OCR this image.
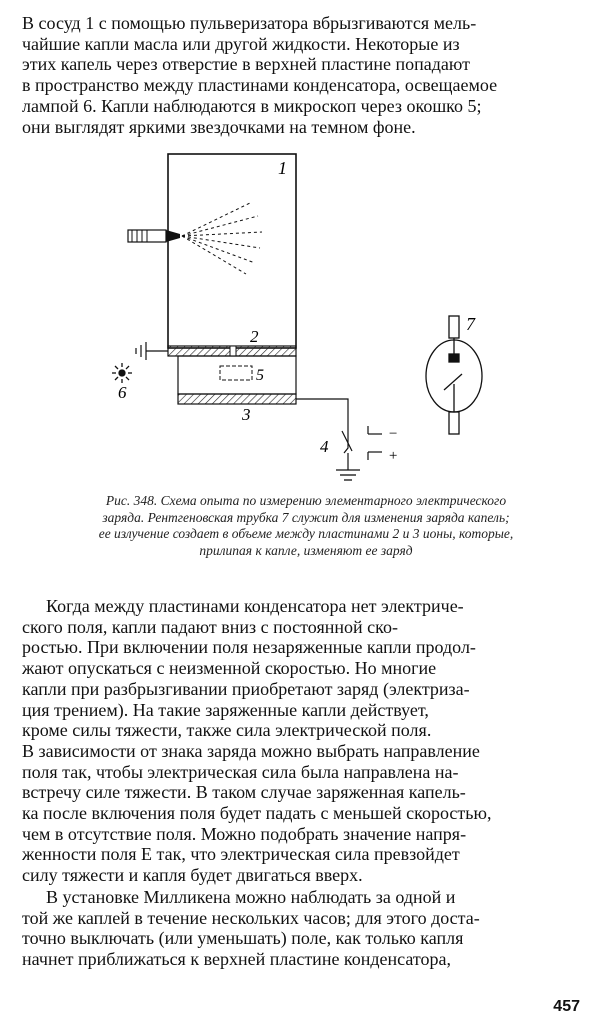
В сосуд 1 с помощью пульверизатора вбрызгиваются мель-
чайшие капли масла или другой жидкости. Некоторые из
этих капель через отверстие в верхней пластине попадают
в пространство между пластинами конденсатора, освещаемое
лампой 6. Капли наблюдаются в микроскоп через окошко 5;
они выглядят яркими звездочками на темном фоне.
1
2
5
3
6
4
−
+
7
Рис. 348. Схема опыта по измерению элементарного электрического
заряда. Рентгеновская трубка 7 служит для изменения заряда капель;
ее излучение создает в объеме между пластинами 2 и 3 ионы, которые,
прилипая к капле, изменяют ее заряд
Когда между пластинами конденсатора нет электриче-
ского поля, капли падают вниз с постоянной ско-
ростью. При включении поля незаряженные капли продол-
жают опускаться с неизменной скоростью. Но многие
капли при разбрызгивании приобретают заряд (электриза-
ция трением). На такие заряженные капли действует,
кроме силы тяжести, также сила электрической поля.
В зависимости от знака заряда можно выбрать направление
поля так, чтобы электрическая сила была направлена на-
встречу силе тяжести. В таком случае заряженная капель-
ка после включения поля будет падать с меньшей скоростью,
чем в отсутствие поля. Можно подобрать значение напря-
женности поля E так, что электрическая сила превзойдет
силу тяжести и капля будет двигаться вверх.
В установке Милликена можно наблюдать за одной и
той же каплей в течение нескольких часов; для этого доста-
точно выключать (или уменьшать) поле, как только капля
начнет приближаться к верхней пластине конденсатора,
457
